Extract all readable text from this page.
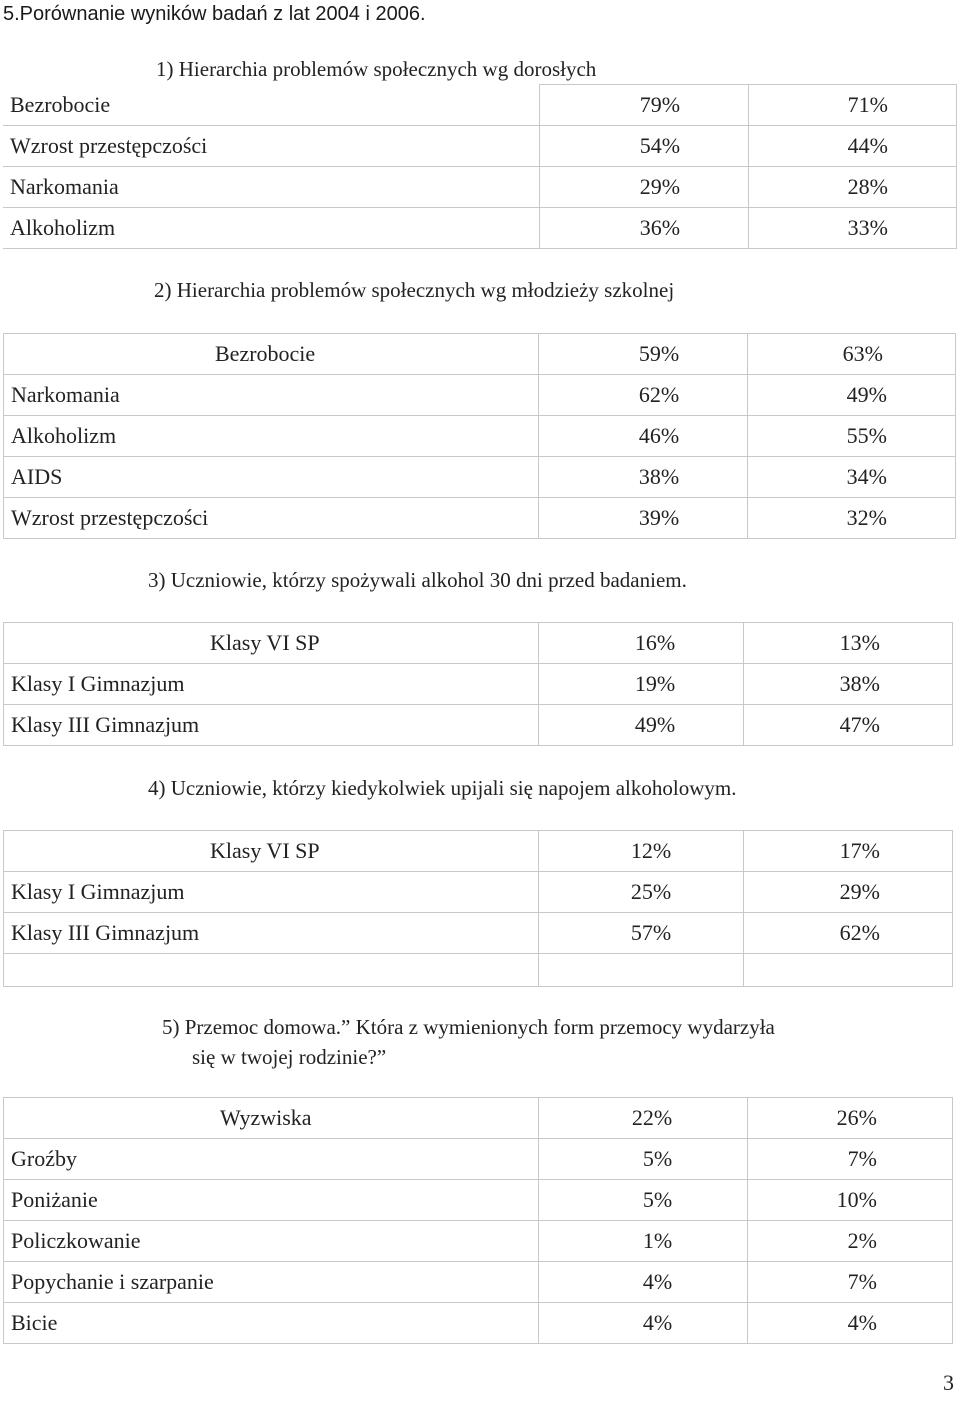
5.Porównanie wyników badań z lat 2004 i 2006.
1) Hierarchia problemów społecznych wg dorosłych
Bezrobocie	79%	71%
Wzrost przestępczości	54%	44%
Narkomania	29%	28%
Alkoholizm	36%	33%
2) Hierarchia problemów społecznych wg młodzieży szkolnej
Bezrobocie	59%	63%
Narkomania	62%	49%
Alkoholizm	46%	55%
AIDS	38%	34%
Wzrost przestępczości	39%	32%
3) Uczniowie, którzy spożywali alkohol 30 dni przed badaniem.
Klasy VI SP	16%	13%
Klasy I Gimnazjum	19%	38%
Klasy III Gimnazjum	49%	47%
4) Uczniowie, którzy kiedykolwiek upijali się napojem alkoholowym.
Klasy VI SP	12%	17%
Klasy I Gimnazjum	25%	29%
Klasy III Gimnazjum	57%	62%

5) Przemoc domowa.” Która z wymienionych form przemocy wydarzyła
się w twojej rodzinie?”
Wyzwiska	22%	26%
Groźby	5%	7%
Poniżanie	5%	10%
Policzkowanie	1%	2%
Popychanie i szarpanie	4%	7%
Bicie	4%	4%
3
